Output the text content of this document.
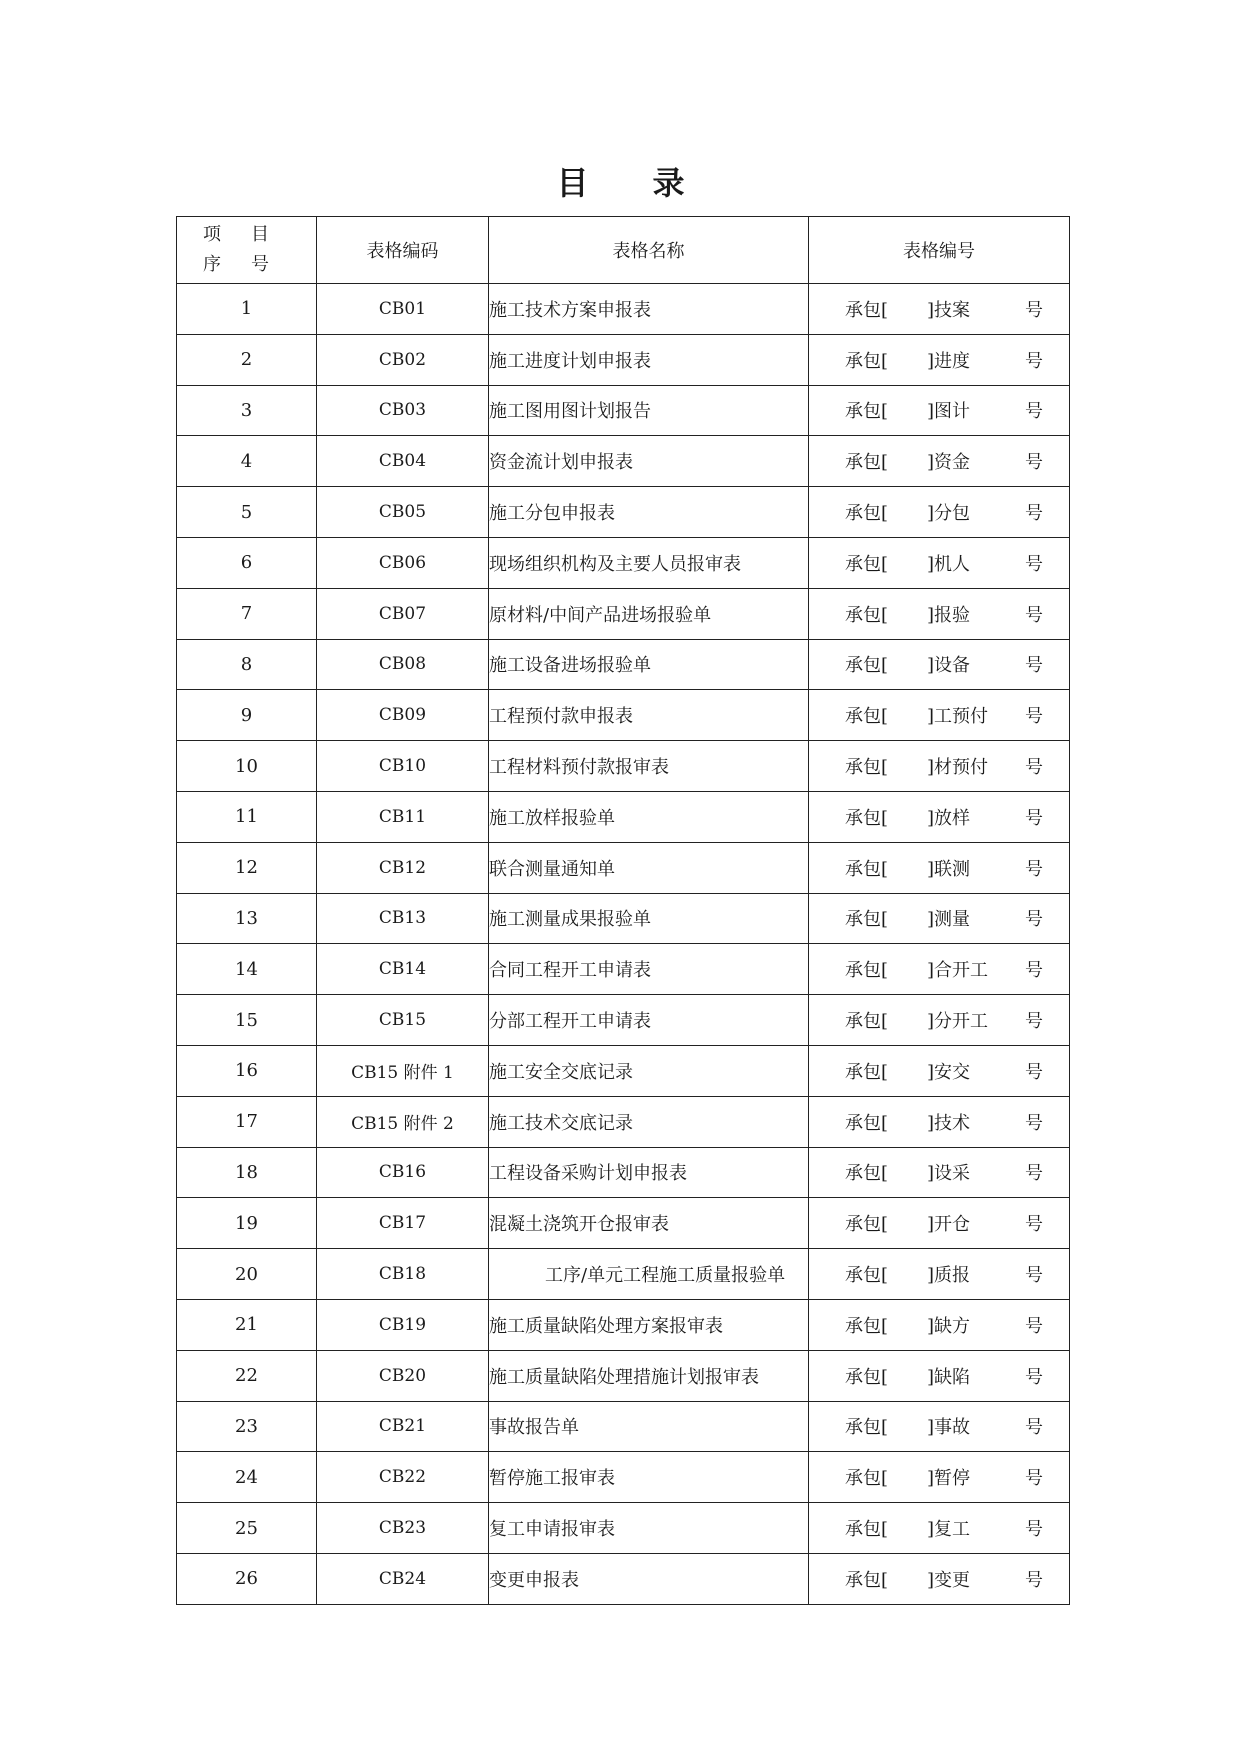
目 录
项 目
序 号	表格编码	表格名称	表格编号
1	CB01	施工技术方案申报表	承包[ ]技案 号

2	CB02	施工进度计划申报表	承包[ ]进度 号

3	CB03	施工图用图计划报告	承包[ ]图计 号

4	CB04	资金流计划申报表	承包[ ]资金 号

5	CB05	施工分包申报表	承包[ ]分包 号

6	CB06	现场组织机构及主要人员报审表	承包[ ]机人 号

7	CB07	原材料/中间产品进场报验单	承包[ ]报验 号

8	CB08	施工设备进场报验单	承包[ ]设备 号

9	CB09	工程预付款申报表	承包[ ]工预付 号

10	CB10	工程材料预付款报审表	承包[ ]材预付 号

11	CB11	施工放样报验单	承包[ ]放样 号

12	CB12	联合测量通知单	承包[ ]联测 号

13	CB13	施工测量成果报验单	承包[ ]测量 号

14	CB14	合同工程开工申请表	承包[ ]合开工 号

15	CB15	分部工程开工申请表	承包[ ]分开工 号

16	CB15 附件 1	施工安全交底记录	承包[ ]安交 号

17	CB15 附件 2	施工技术交底记录	承包[ ]技术 号

18	CB16	工程设备采购计划申报表	承包[ ]设采 号

19	CB17	混凝土浇筑开仓报审表	承包[ ]开仓 号

20	CB18	工序/单元工程施工质量报验单	承包[ ]质报 号

21	CB19	施工质量缺陷处理方案报审表	承包[ ]缺方 号

22	CB20	施工质量缺陷处理措施计划报审表	承包[ ]缺陷 号

23	CB21	事故报告单	承包[ ]事故 号

24	CB22	暂停施工报审表	承包[ ]暂停 号

25	CB23	复工申请报审表	承包[ ]复工 号

26	CB24	变更申报表	承包[ ]变更 号
